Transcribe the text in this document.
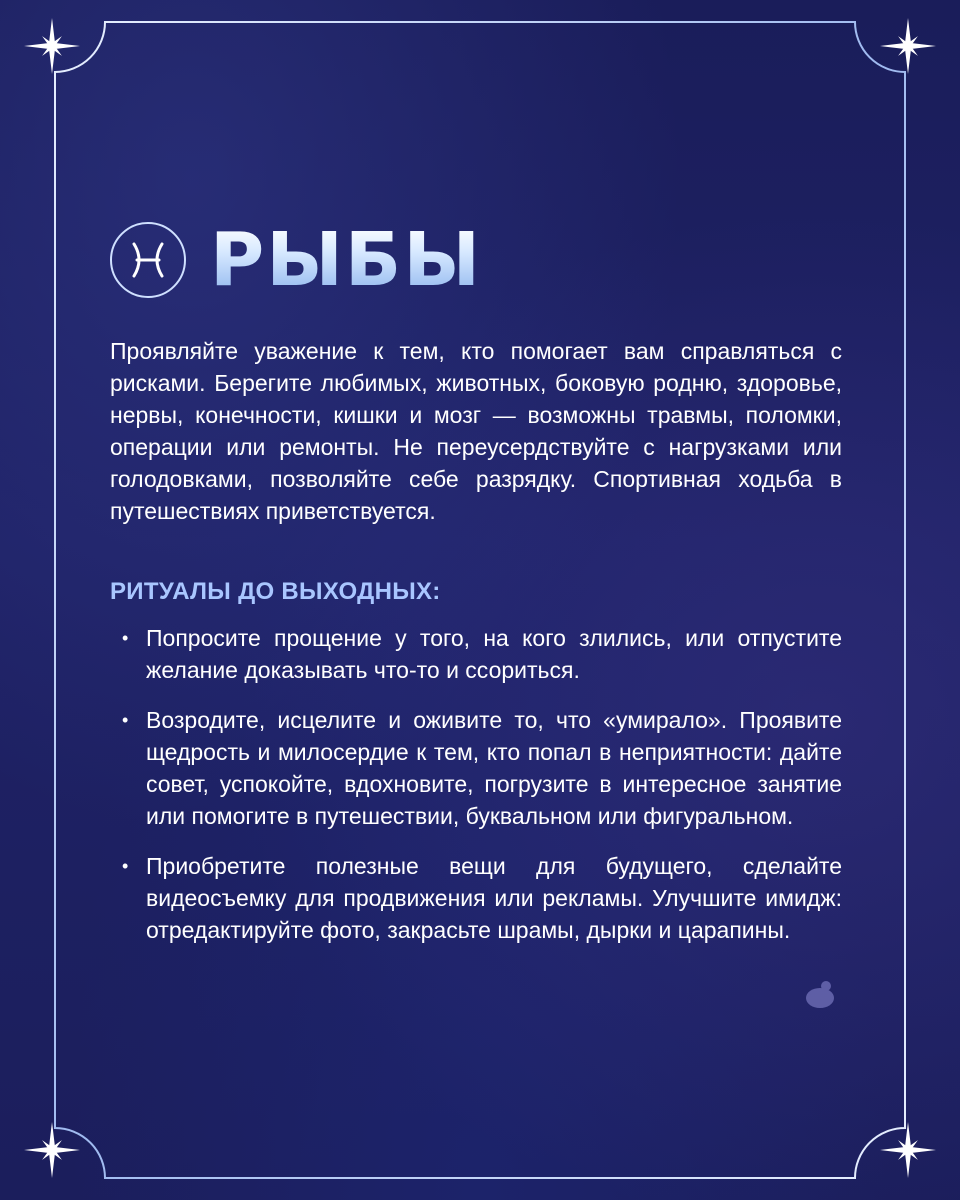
РЫБЫ

Проявляйте уважение к тем, кто помогает вам справляться с рисками. Берегите любимых, животных, боковую родню, здоровье, нервы, конечности, кишки и мозг — возможны травмы, поломки, операции или ремонты. Не переусердствуйте с нагрузками или голодовками, позволяйте себе разрядку. Спортивная ходьба в путешествиях приветствуется.

РИТУАЛЫ ДО ВЫХОДНЫХ:
• Попросите прощение у того, на кого злились, или отпустите желание доказывать что-то и ссориться.
• Возродите, исцелите и оживите то, что «умирало». Проявите щедрость и милосердие к тем, кто попал в неприятности: дайте совет, успокойте, вдохновите, погрузите в интересное занятие или помогите в путешествии, буквальном или фигуральном.
• Приобретите полезные вещи для будущего, сделайте видеосъемку для продвижения или рекламы. Улучшите имидж: отредактируйте фото, закрасьте шрамы, дырки и царапины.
